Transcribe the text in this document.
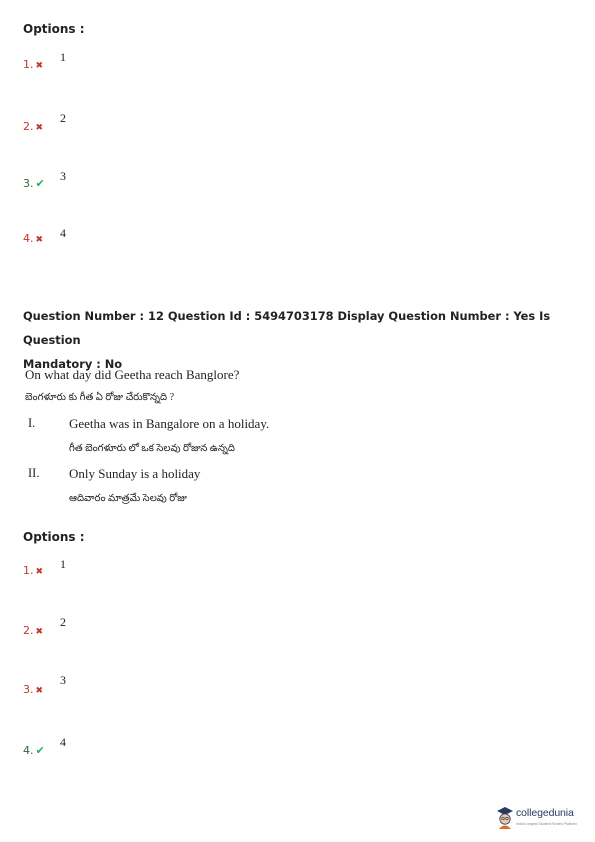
Options :
1. ✖
1
2. ✖
2
3. ✔
3
4. ✖ 4
Question Number : 12 Question Id : 5494703178 Display Question Number : Yes Is Question
Mandatory : No
On what day did Geetha reach Banglore?
బెంగళూరు కు గీత ఏ రోజు చేరుకొన్నది ?
I.	Geetha was in Bangalore on a holiday.
గీత బెంగళూరు లో ఒక సెలవు రోజున ఉన్నది
II. Only Sunday is a holiday
ఆదివారం మాత్రమే సెలవు రోజు
Options :
1. ✖
1
2. ✖
2
3. ✖
3
4. ✔
4
collegedunia
India's largest Student Review Platform
